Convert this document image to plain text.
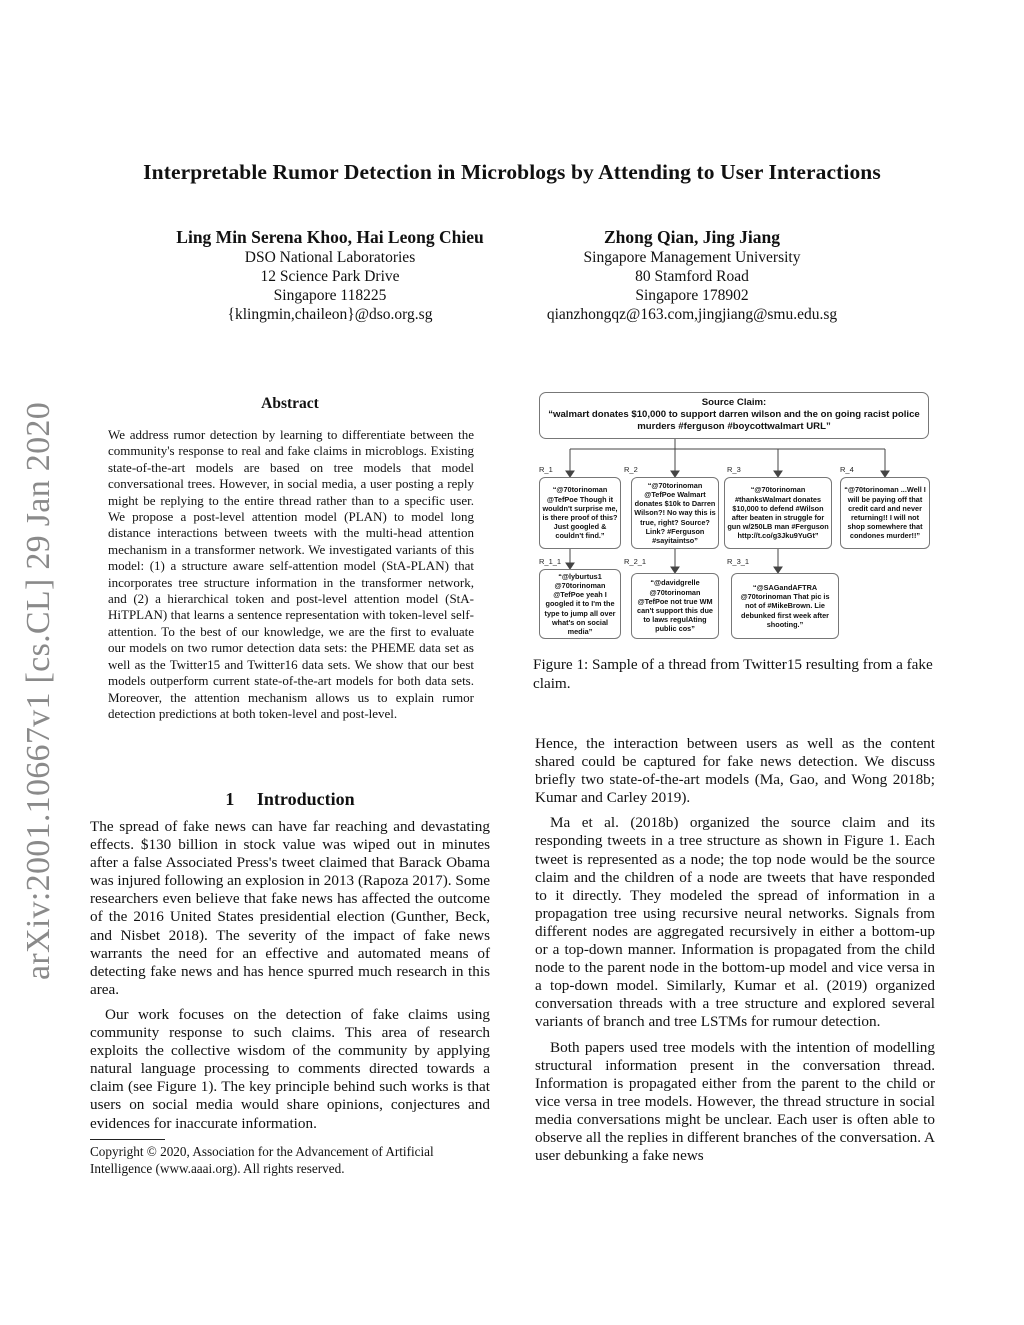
Interpretable Rumor Detection in Microblogs by Attending to User Interactions
Ling Min Serena Khoo, Hai Leong Chieu
DSO National Laboratories
12 Science Park Drive
Singapore 118225
{klingmin,chaileon}@dso.org.sg
Zhong Qian, Jing Jiang
Singapore Management University
80 Stamford Road
Singapore 178902
qianzhongqz@163.com,jingjiang@smu.edu.sg
arXiv:2001.10667v1 [cs.CL] 29 Jan 2020	Abstract
We address rumor detection by learning to differentiate between the community's response to real and fake claims in microblogs. Existing state-of-the-art models are based on tree models that model conversational trees. However, in social media, a user posting a reply might be replying to the entire thread rather than to a specific user. We propose a post-level attention model (PLAN) to model long distance interactions between tweets with the multi-head attention mechanism in a transformer network. We investigated variants of this model: (1) a structure aware self-attention model (StA-PLAN) that incorporates tree structure information in the transformer network, and (2) a hierarchical token and post-level attention model (StA-HiTPLAN) that learns a sentence representation with token-level self-attention. To the best of our knowledge, we are the first to evaluate our models on two rumor detection data sets: the PHEME data set as well as the Twitter15 and Twitter16 data sets. We show that our best models outperform current state-of-the-art models for both data sets. Moreover, the attention mechanism allows us to explain rumor detection predictions at both token-level and post-level.
1     Introduction

The spread of fake news can have far reaching and devastating effects. $130 billion in stock value was wiped out in minutes after a false Associated Press's tweet claimed that Barack Obama was injured following an explosion in 2013 (Rapoza 2017). Some researchers even believe that fake news has affected the outcome of the 2016 United States presidential election (Gunther, Beck, and Nisbet 2018). The severity of the impact of fake news warrants the need for an effective and automated means of detecting fake news and has hence spurred much research in this area.

Our work focuses on the detection of fake claims using community response to such claims. This area of research exploits the collective wisdom of the community by applying natural language processing to comments directed towards a claim (see Figure 1). The key principle behind such works is that users on social media would share opinions, conjectures and evidences for inaccurate information.

Copyright © 2020, Association for the Advancement of Artificial Intelligence (www.aaai.org). All rights reserved.
Source Claim:
“walmart donates $10,000 to support darren wilson and the on going racist police murders #ferguson #boycottwalmart URL”
R_1	R_2	R_3	R_4
“@70torinoman @TefPoe Though it wouldn't surprise me, is there proof of this? Just googled & couldn't find.”
“@70torinoman @TefPoe Walmart donates $10k to Darren Wilson?! No way this is true, right? Source? Link? #Ferguson #sayitaintso”
“@70torinoman #thanksWalmart donates $10,000 to defend #Wilson after beaten in struggle for gun w/250LB man #Ferguson http://t.co/g3Jku9YuGt”
“@70torinoman ...Well I will be paying off that credit card and never returning!! I will not shop somewhere that condones murder!!”
R_1_1	R_2_1	R_3_1
“@lyburtus1 @70torinoman @TefPoe yeah I googled it to I'm the type to jump all over what's on social media”
“@davidgrelle @70torinoman @TefPoe not true WM can't support this due to laws regulAting public cos”
“@SAGandAFTRA @70torinoman That pic is not of #MikeBrown. Lie debunked first week after shooting.”
Figure 1: Sample of a thread from Twitter15 resulting from a fake claim.

Hence, the interaction between users as well as the content shared could be captured for fake news detection. We discuss briefly two state-of-the-art models (Ma, Gao, and Wong 2018b; Kumar and Carley 2019).

Ma et al. (2018b) organized the source claim and its responding tweets in a tree structure as shown in Figure 1. Each tweet is represented as a node; the top node would be the source claim and the children of a node are tweets that have responded to it directly. They modeled the spread of information in a propagation tree using recursive neural networks. Signals from different nodes are aggregated recursively in either a bottom-up or a top-down manner. Information is propagated from the child node to the parent node in the bottom-up model and vice versa in a top-down model. Similarly, Kumar et al. (2019) organized conversation threads with a tree structure and explored several variants of branch and tree LSTMs for rumour detection.

Both papers used tree models with the intention of modelling structural information present in the conversation thread. Information is propagated either from the parent to the child or vice versa in tree models. However, the thread structure in social media conversations might be unclear. Each user is often able to observe all the replies in different branches of the conversation. A user debunking a fake news
